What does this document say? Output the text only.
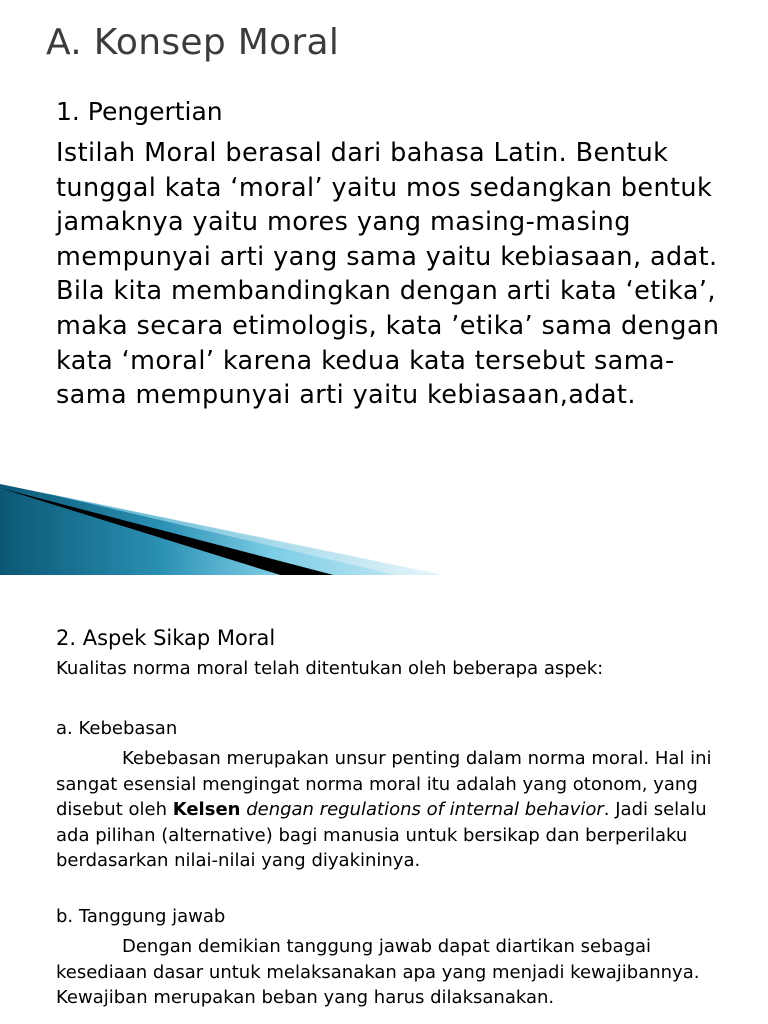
A. Konsep Moral
1. Pengertian

Istilah Moral berasal dari bahasa Latin. Bentuk tunggal kata ‘moral’ yaitu mos sedangkan bentuk jamaknya yaitu mores yang masing-masing mempunyai arti yang sama yaitu kebiasaan, adat. Bila kita membandingkan dengan arti kata ‘etika’, maka secara etimologis, kata ’etika’ sama dengan kata ‘moral’ karena kedua kata tersebut sama-sama mempunyai arti yaitu kebiasaan,adat.

2. Aspek Sikap Moral

Kualitas norma moral telah ditentukan oleh beberapa aspek:

a. Kebebasan

Kebebasan merupakan unsur penting dalam norma moral. Hal ini sangat esensial mengingat norma moral itu adalah yang otonom, yang disebut oleh Kelsen dengan regulations of internal behavior. Jadi selalu ada pilihan (alternative) bagi manusia untuk bersikap dan berperilaku berdasarkan nilai-nilai yang diyakininya.

b. Tanggung jawab

Dengan demikian tanggung jawab dapat diartikan sebagai kesediaan dasar untuk melaksanakan apa yang menjadi kewajibannya. Kewajiban merupakan beban yang harus dilaksanakan.
